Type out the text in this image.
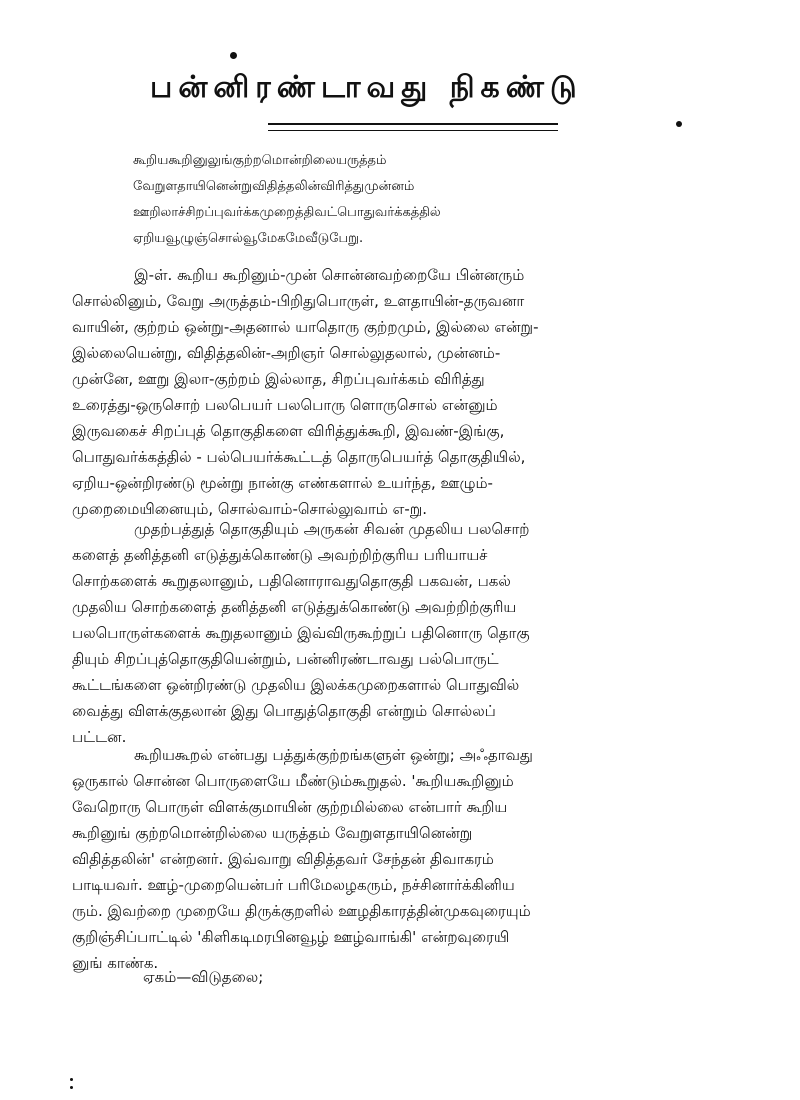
பன்னிரண்டாவது நிகண்டு
கூறியகூறினுலுங்குற்றமொன்றிலையருத்தம்
வேறுளதாயினென்றுவிதித்தலின்விரித்துமுன்னம்
ஊறிலாச்சிறப்புவர்க்கமுறைத்திவட்பொதுவர்க்கத்தில்
ஏறியவூழுஞ்சொல்வூமேகமேவீடுபேறு.
இ-ள். கூறிய கூறினும்-முன் சொன்னவற்றையே பின்னரும்
சொல்லினும், வேறு அருத்தம்-பிறிதுபொருள், உளதாயின்-தருவனா
வாயின், குற்றம் ஒன்று-அதனால் யாதொரு குற்றமும், இல்லை என்று-
இல்லையென்று, விதித்தலின்-அறிஞர் சொல்லுதலால், முன்னம்-
முன்னே, ஊறு இலா-குற்றம் இல்லாத, சிறப்புவர்க்கம் விரித்து
உரைத்து-ஒருசொற் பலபெயர் பலபொரு ளொருசொல் என்னும்
இருவகைச் சிறப்புத் தொகுதிகளை விரித்துக்கூறி, இவண்-இங்கு,
பொதுவர்க்கத்தில் - பல்பெயர்க்கூட்டத் தொருபெயர்த் தொகுதியில்,
ஏறிய-ஒன்றிரண்டு மூன்று நான்கு எண்களால் உயர்ந்த, ஊழும்-
முறைமையினையும், சொல்வாம்-சொல்லுவாம் எ-று.
முதற்பத்துத் தொகுதியும் அருகன் சிவன் முதலிய பலசொற்
களைத் தனித்தனி எடுத்துக்கொண்டு அவற்றிற்குரிய பரியாயச்
சொற்களைக் கூறுதலானும், பதினொராவதுதொகுதி பகவன், பகல்
முதலிய சொற்களைத் தனித்தனி எடுத்துக்கொண்டு அவற்றிற்குரிய
பலபொருள்களைக் கூறுதலானும் இவ்விருகூற்றுப் பதினொரு தொகு
தியும் சிறப்புத்தொகுதியென்றும், பன்னிரண்டாவது பல்பொருட்
கூட்டங்களை ஒன்றிரண்டு முதலிய இலக்கமுறைகளால் பொதுவில்
வைத்து விளக்குதலான் இது பொதுத்தொகுதி என்றும் சொல்லப்
பட்டன.
கூறியகூறல் என்பது பத்துக்குற்றங்களுள் ஒன்று; அஃதாவது
ஒருகால் சொன்ன பொருளையே மீண்டும்கூறுதல். 'கூறியகூறினும்
வேறொரு பொருள் விளக்குமாயின் குற்றமில்லை என்பார் கூறிய
கூறினுங் குற்றமொன்றில்லை யருத்தம் வேறுளதாயினென்று
விதித்தலின்' என்றனர். இவ்வாறு விதித்தவர் சேந்தன் திவாகரம்
பாடியவர். ஊழ்-முறையென்பர் பரிமேலழகரும், நச்சினார்க்கினிய
ரும். இவற்றை முறையே திருக்குறளில் ஊழதிகாரத்தின்முகவுரையும்
குறிஞ்சிப்பாட்டில் 'கிளிகடிமரபினவூழ் ஊழ்வாங்கி' என்றவுரையி
னுங் காண்க.
ஏகம்—விடுதலை;
